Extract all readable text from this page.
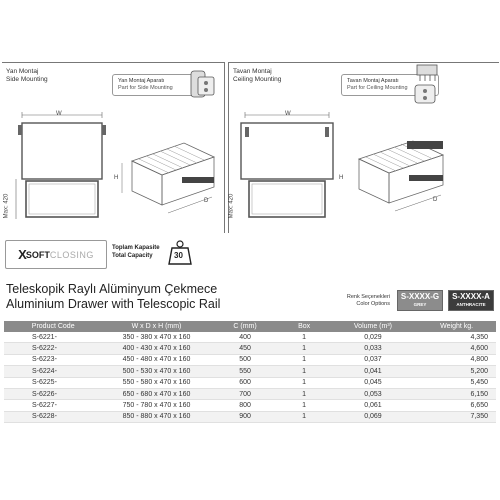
Yan Montaj
Side Mounting	Yan Montaj Aparatı
Part for Side Mounting
W
Max: 420
H
D
Tavan Montaj
Ceiling Mounting	Tavan Montaj Aparatı
Part for Ceiling Mounting
W
Max: 420
H
D
X SOFT CLOSING
Toplam Kapasite
Total Capacity	30
Teleskopik Raylı Alüminyum Çekmece
Aluminium Drawer with Telescopic Rail	Renk Seçenekleri
Color Options
S-XXXX-G
GREY
S-XXXX-A
ANTHRACITE
Product Code	W x D x H (mm)	C (mm)	Box	Volume (m³)	Weight kg.
S-6221-	350 - 380 x 470 x 160	400	1	0,029	4,350
S-6222-	400 - 430 x 470 x 160	450	1	0,033	4,600
S-6223-	450 - 480 x 470 x 160	500	1	0,037	4,800
S-6224-	500 - 530 x 470 x 160	550	1	0,041	5,200
S-6225-	550 - 580 x 470 x 160	600	1	0,045	5,450
S-6226-	650 - 680 x 470 x 160	700	1	0,053	6,150
S-6227-	750 - 780 x 470 x 160	800	1	0,061	6,650
S-6228-	850 - 880 x 470 x 160	900	1	0,069	7,350
